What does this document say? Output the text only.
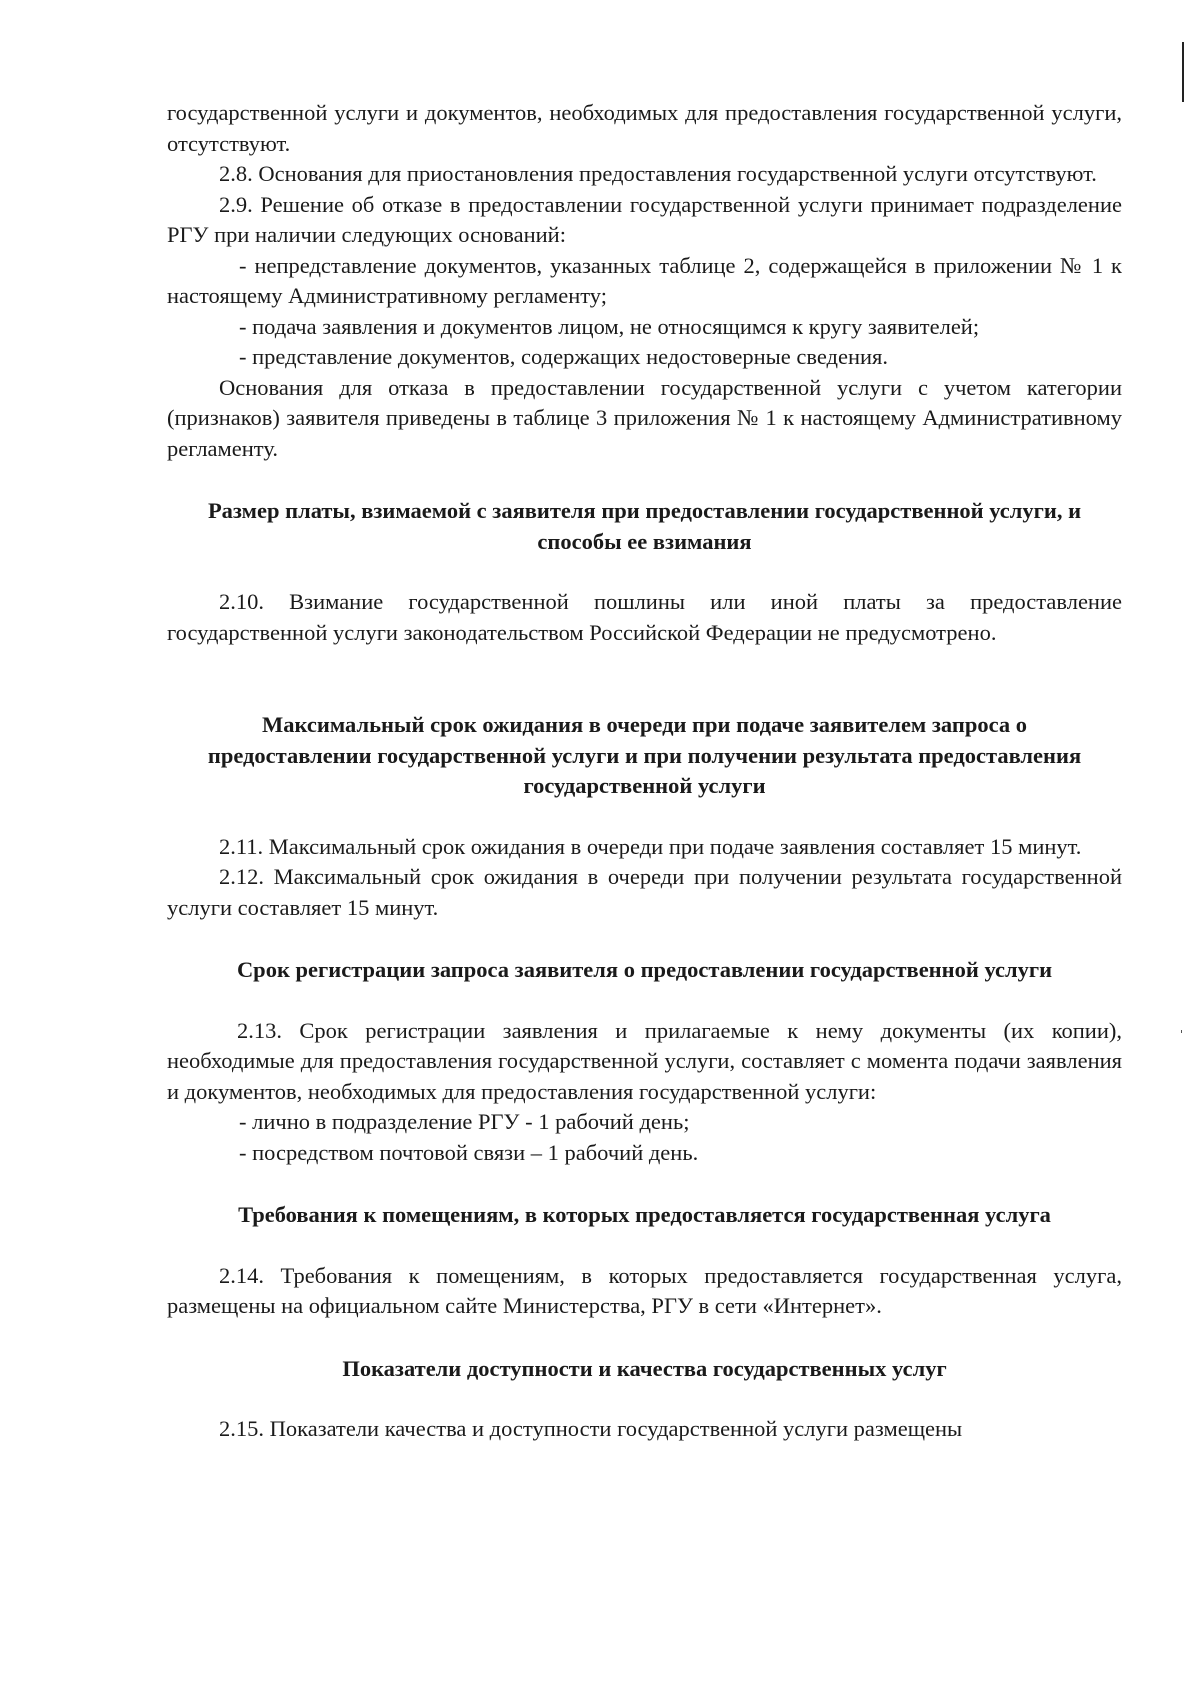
государственной услуги и документов, необходимых для предоставления государственной услуги, отсутствуют.
2.8. Основания для приостановления предоставления государственной услуги отсутствуют.
2.9. Решение об отказе в предоставлении государственной услуги принимает подразделение РГУ при наличии следующих оснований:
- непредставление документов, указанных таблице 2, содержащейся в приложении № 1 к настоящему Административному регламенту;
- подача заявления и документов лицом, не относящимся к кругу заявителей;
- представление документов, содержащих недостоверные сведения.
Основания для отказа в предоставлении государственной услуги с учетом категории (признаков) заявителя приведены в таблице 3 приложения № 1 к настоящему Административному регламенту.
Размер платы, взимаемой с заявителя при предоставлении государственной услуги, и способы ее взимания
2.10. Взимание государственной пошлины или иной платы за предоставление государственной услуги законодательством Российской Федерации не предусмотрено.
Максимальный срок ожидания в очереди при подаче заявителем запроса о предоставлении государственной услуги и при получении результата предоставления государственной услуги
2.11. Максимальный срок ожидания в очереди при подаче заявления составляет 15 минут.
2.12. Максимальный срок ожидания в очереди при получении результата государственной услуги составляет 15 минут.
Срок регистрации запроса заявителя о предоставлении государственной услуги
2.13. Срок регистрации заявления и прилагаемые к нему документы (их копии), необходимые для предоставления государственной услуги, составляет с момента подачи заявления и документов, необходимых для предоставления государственной услуги:
- лично в подразделение РГУ - 1 рабочий день;
- посредством почтовой связи – 1 рабочий день.
Требования к помещениям, в которых предоставляется государственная услуга
2.14. Требования к помещениям, в которых предоставляется государственная услуга, размещены на официальном сайте Министерства, РГУ в сети «Интернет».
Показатели доступности и качества государственных услуг
2.15. Показатели качества и доступности государственной услуги размещены
